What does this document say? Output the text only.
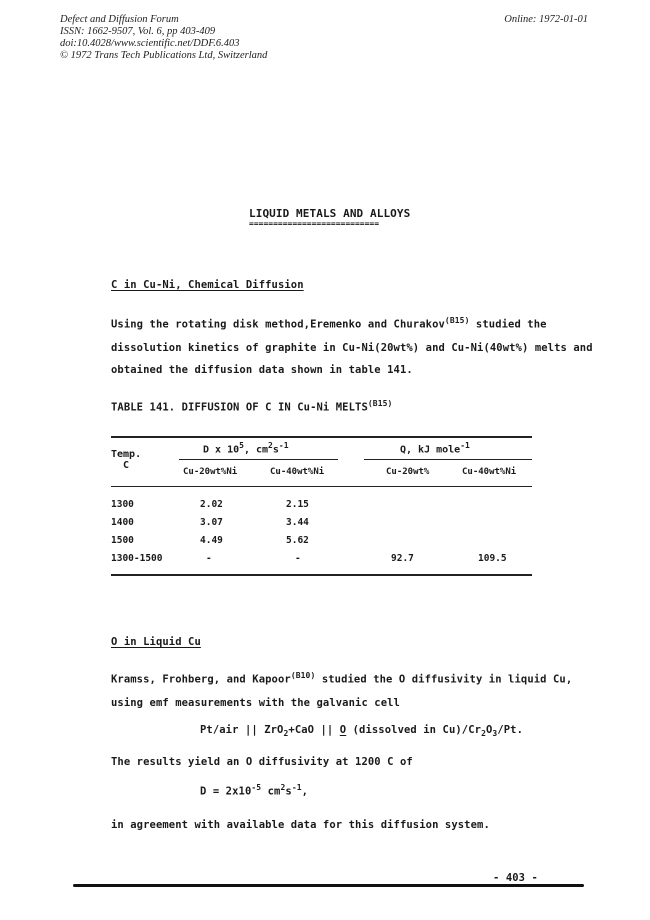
Defect and Diffusion Forum
ISSN: 1662-9507, Vol. 6, pp 403-409
doi:10.4028/www.scientific.net/DDF.6.403
© 1972 Trans Tech Publications Ltd, Switzerland
Online: 1972-01-01
LIQUID METALS AND ALLOYS
===========================
C in Cu-Ni, Chemical Diffusion
Using the rotating disk method,Eremenko and Churakov$^{(B15)}$ studied the
dissolution kinetics of graphite in Cu-Ni(20wt%) and Cu-Ni(40wt%) melts and
obtained the diffusion data shown in table 141.
TABLE 141. DIFFUSION OF C IN Cu-Ni $MELTS^{(B15)}$
Temp.
C
D x $10^5$, $cm^2s^{-1}$	Q, kJ mole$^{-1}$
Cu-20wt%Ni	Cu-40wt%Ni	Cu-20wt%	Cu-40wt%Ni
1300	2.02	2.15
1400	3.07	3.44
1500	4.49	5.62
1300-1500	-	-	92.7	109.5
O in Liquid Cu
Kramss, Frohberg, and Kapoor$^{(B10)}$ studied the O diffusivity in liquid Cu,
using emf measurements with the galvanic cell
Pt/air || ZrO$_2$+CaO || O (dissolved in $Cu)/Cr_2O_3/Pt$.
The results yield an O diffusivity at 1200 C of
$D = 2x10^{-5}$ $cm^2s^{-1}$,
in agreement with available data for this diffusion system.
- 403 -
